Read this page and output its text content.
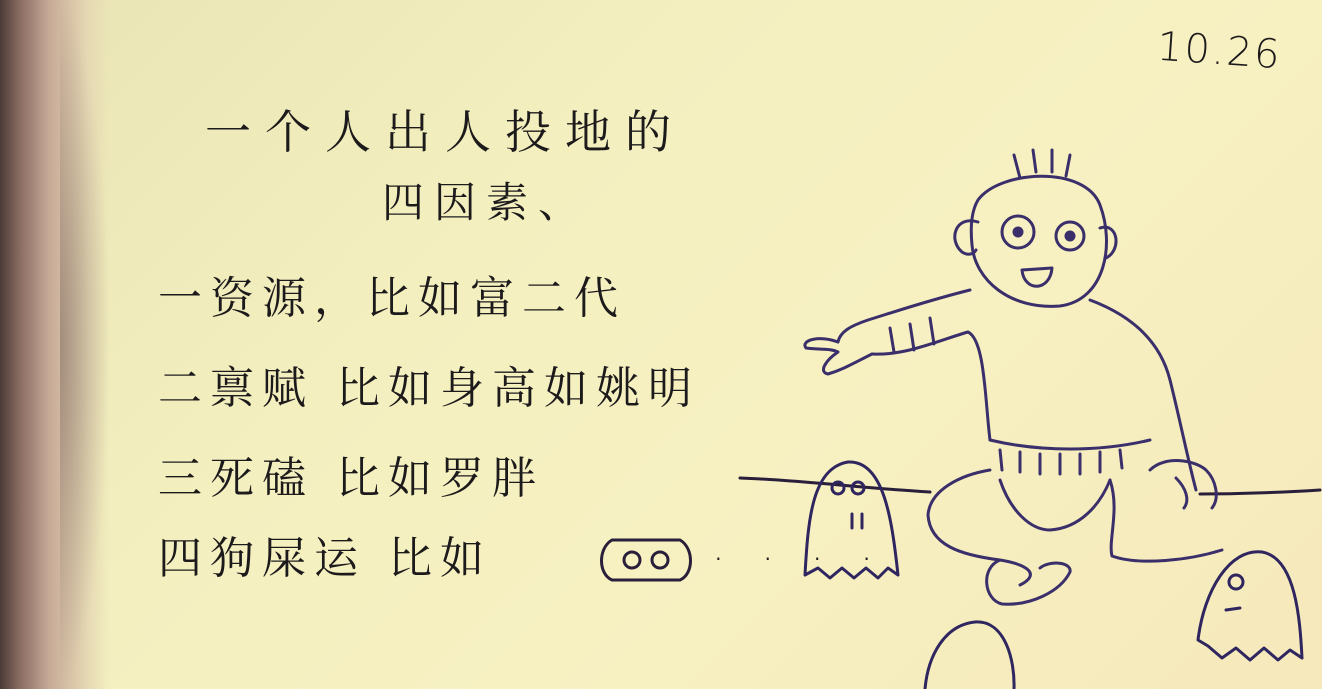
10.26
一个人出人投地的
四因素、
一资源，比如富二代
二禀赋 比如身高如姚明
三死磕 比如罗胖
四狗屎运 比如	. . . .
